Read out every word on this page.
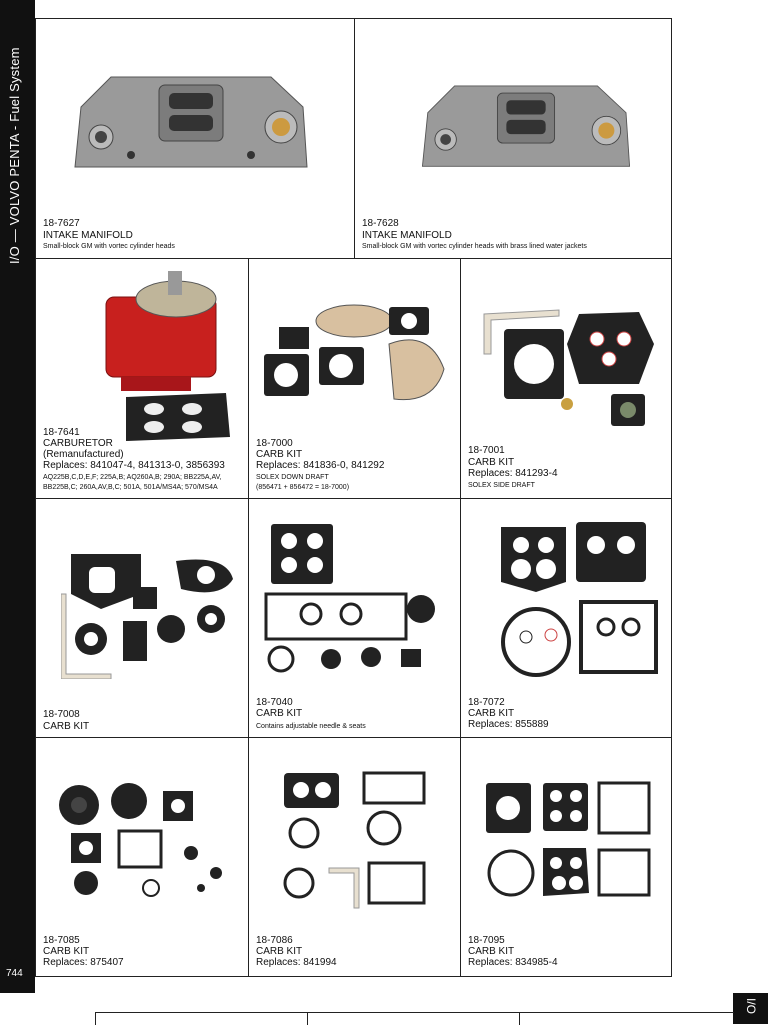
I/O — VOLVO PENTA - Fuel System
744
I/O
18-7627
INTAKE MANIFOLD
Small-block GM with vortec cylinder heads
18-7628
INTAKE MANIFOLD
Small-block GM with vortec cylinder heads with brass lined water jackets
18-7641
CARBURETOR
(Remanufactured)
Replaces: 841047-4, 841313-0, 3856393
AQ225B,C,D,E,F; 225A,B; AQ260A,B; 290A; BB225A,AV,
BB225B,C; 260A,AV,B,C; 501A, 501A/MS4A; 570/MS4A
18-7000
CARB KIT
Replaces: 841836-0, 841292
SOLEX DOWN DRAFT
(856471 + 856472 = 18-7000)
18-7001
CARB KIT
Replaces: 841293-4
SOLEX SIDE DRAFT
18-7008
CARB KIT
18-7040
CARB KIT
Contains adjustable needle & seats
18-7072
CARB KIT
Replaces: 855889
18-7085
CARB KIT
Replaces: 875407
18-7086
CARB KIT
Replaces: 841994
18-7095
CARB KIT
Replaces: 834985-4
